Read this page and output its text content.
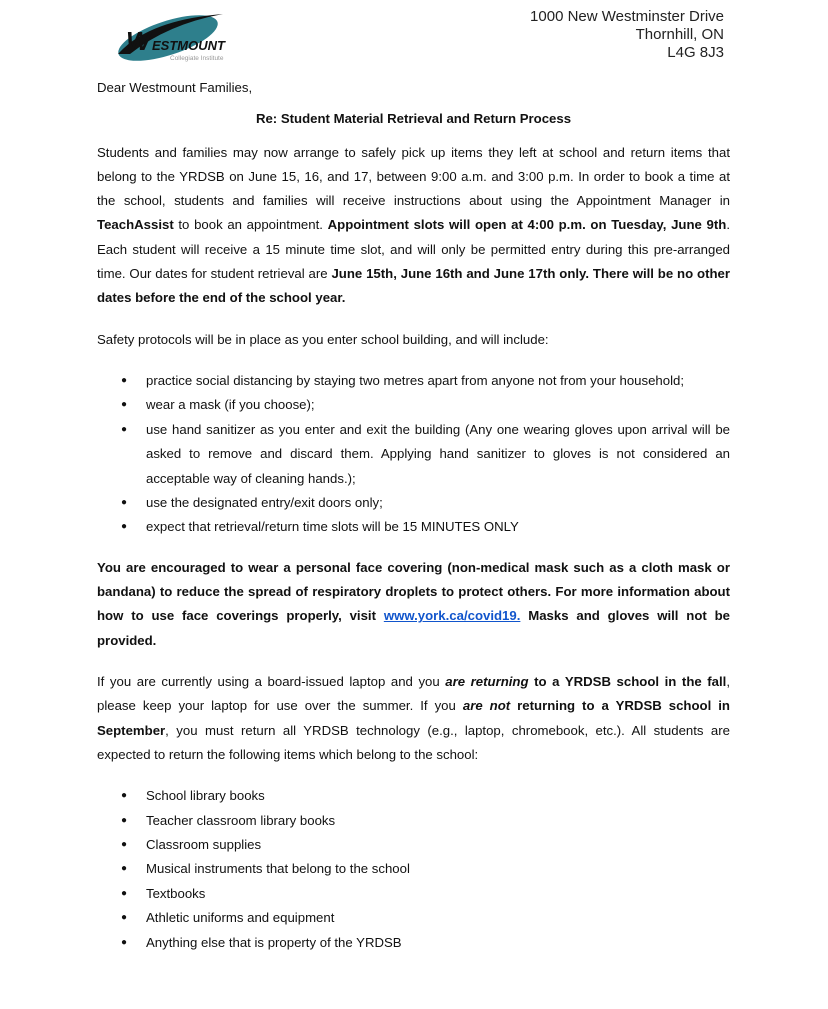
W ESTMOUNT
Collegiate Institute
1000 New Westminster Drive
Thornhill, ON
L4G 8J3

Dear Westmount Families,

Re: Student Material Retrieval and Return Process

Students and families may now arrange to safely pick up items they left at school and return items that belong to the YRDSB on June 15, 16, and 17, between 9:00 a.m. and 3:00 p.m. In order to book a time at the school, students and families will receive instructions about using the Appointment Manager in TeachAssist to book an appointment. Appointment slots will open at 4:00 p.m. on Tuesday, June 9th. Each student will receive a 15 minute time slot, and will only be permitted entry during this pre-arranged time. Our dates for student retrieval are June 15th, June 16th and June 17th only. There will be no other dates before the end of the school year.

Safety protocols will be in place as you enter school building, and will include:

● practice social distancing by staying two metres apart from anyone not from your household;
● wear a mask (if you choose);
● use hand sanitizer as you enter and exit the building (Any one wearing gloves upon arrival will be asked to remove and discard them. Applying hand sanitizer to gloves is not considered an acceptable way of cleaning hands.);
● use the designated entry/exit doors only;
● expect that retrieval/return time slots will be 15 MINUTES ONLY

You are encouraged to wear a personal face covering (non-medical mask such as a cloth mask or bandana) to reduce the spread of respiratory droplets to protect others. For more information about how to use face coverings properly, visit www.york.ca/covid19. Masks and gloves will not be provided.

If you are currently using a board-issued laptop and you are returning to a YRDSB school in the fall, please keep your laptop for use over the summer. If you are not returning to a YRDSB school in September, you must return all YRDSB technology (e.g., laptop, chromebook, etc.). All students are expected to return the following items which belong to the school:

● School library books
● Teacher classroom library books
● Classroom supplies
● Musical instruments that belong to the school
● Textbooks
● Athletic uniforms and equipment
● Anything else that is property of the YRDSB
